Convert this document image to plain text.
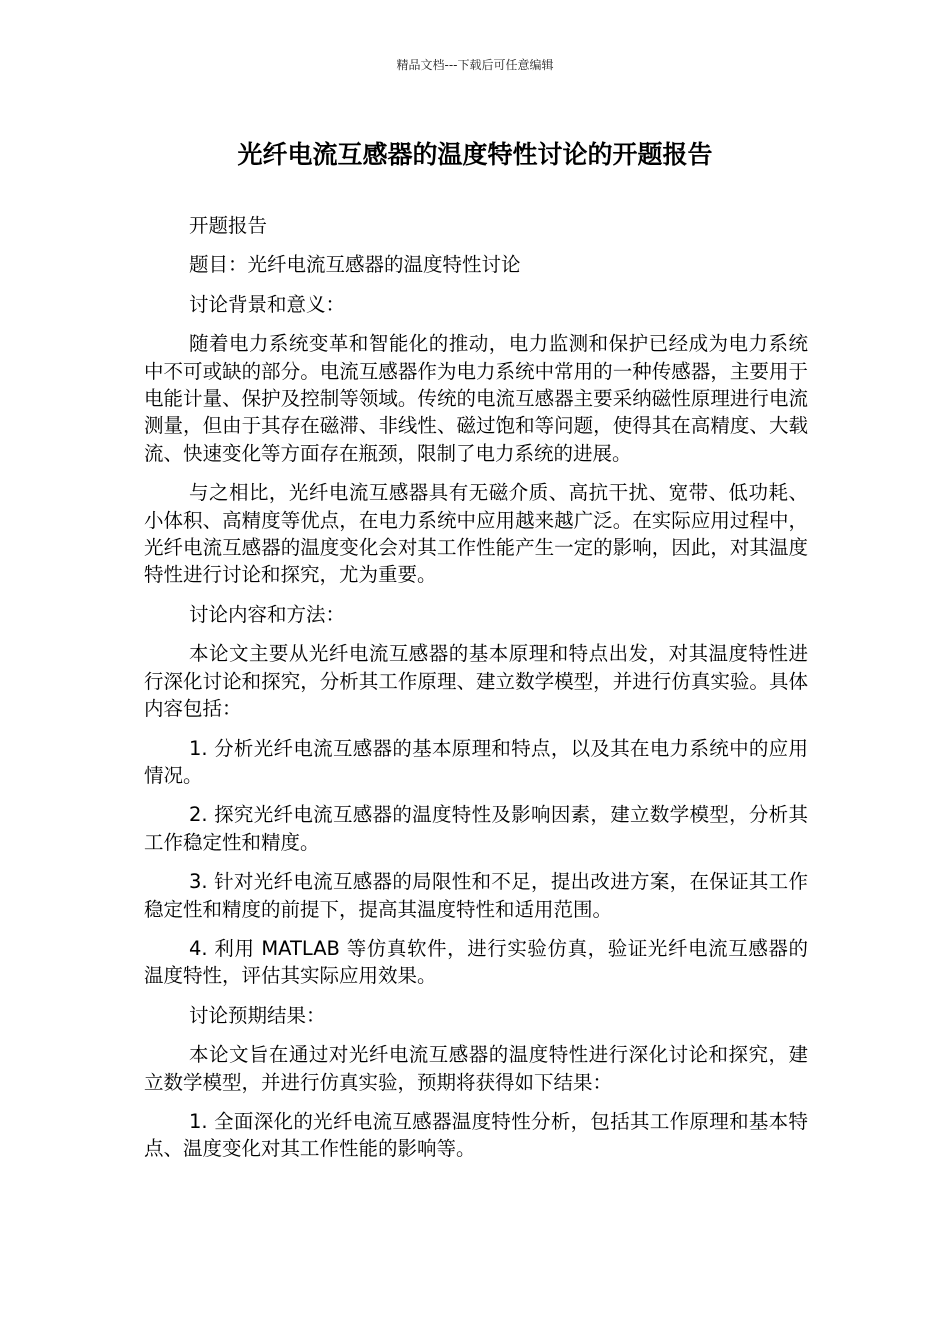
精品文档---下载后可任意编辑
光纤电流互感器的温度特性讨论的开题报告

开题报告

题目：光纤电流互感器的温度特性讨论

讨论背景和意义：

随着电力系统变革和智能化的推动，电力监测和保护已经成为电力系统中不可或缺的部分。电流互感器作为电力系统中常用的一种传感器，主要用于电能计量、保护及控制等领域。传统的电流互感器主要采纳磁性原理进行电流测量，但由于其存在磁滞、非线性、磁过饱和等问题，使得其在高精度、大载流、快速变化等方面存在瓶颈，限制了电力系统的进展。

与之相比，光纤电流互感器具有无磁介质、高抗干扰、宽带、低功耗、小体积、高精度等优点，在电力系统中应用越来越广泛。在实际应用过程中，光纤电流互感器的温度变化会对其工作性能产生一定的影响，因此，对其温度特性进行讨论和探究，尤为重要。

讨论内容和方法：

本论文主要从光纤电流互感器的基本原理和特点出发，对其温度特性进行深化讨论和探究，分析其工作原理、建立数学模型，并进行仿真实验。具体内容包括：

1. 分析光纤电流互感器的基本原理和特点，以及其在电力系统中的应用情况。

2. 探究光纤电流互感器的温度特性及影响因素，建立数学模型，分析其工作稳定性和精度。

3. 针对光纤电流互感器的局限性和不足，提出改进方案，在保证其工作稳定性和精度的前提下，提高其温度特性和适用范围。

4. 利用 MATLAB 等仿真软件，进行实验仿真，验证光纤电流互感器的温度特性，评估其实际应用效果。

讨论预期结果：

本论文旨在通过对光纤电流互感器的温度特性进行深化讨论和探究，建立数学模型，并进行仿真实验，预期将获得如下结果：

1. 全面深化的光纤电流互感器温度特性分析，包括其工作原理和基本特点、温度变化对其工作性能的影响等。
